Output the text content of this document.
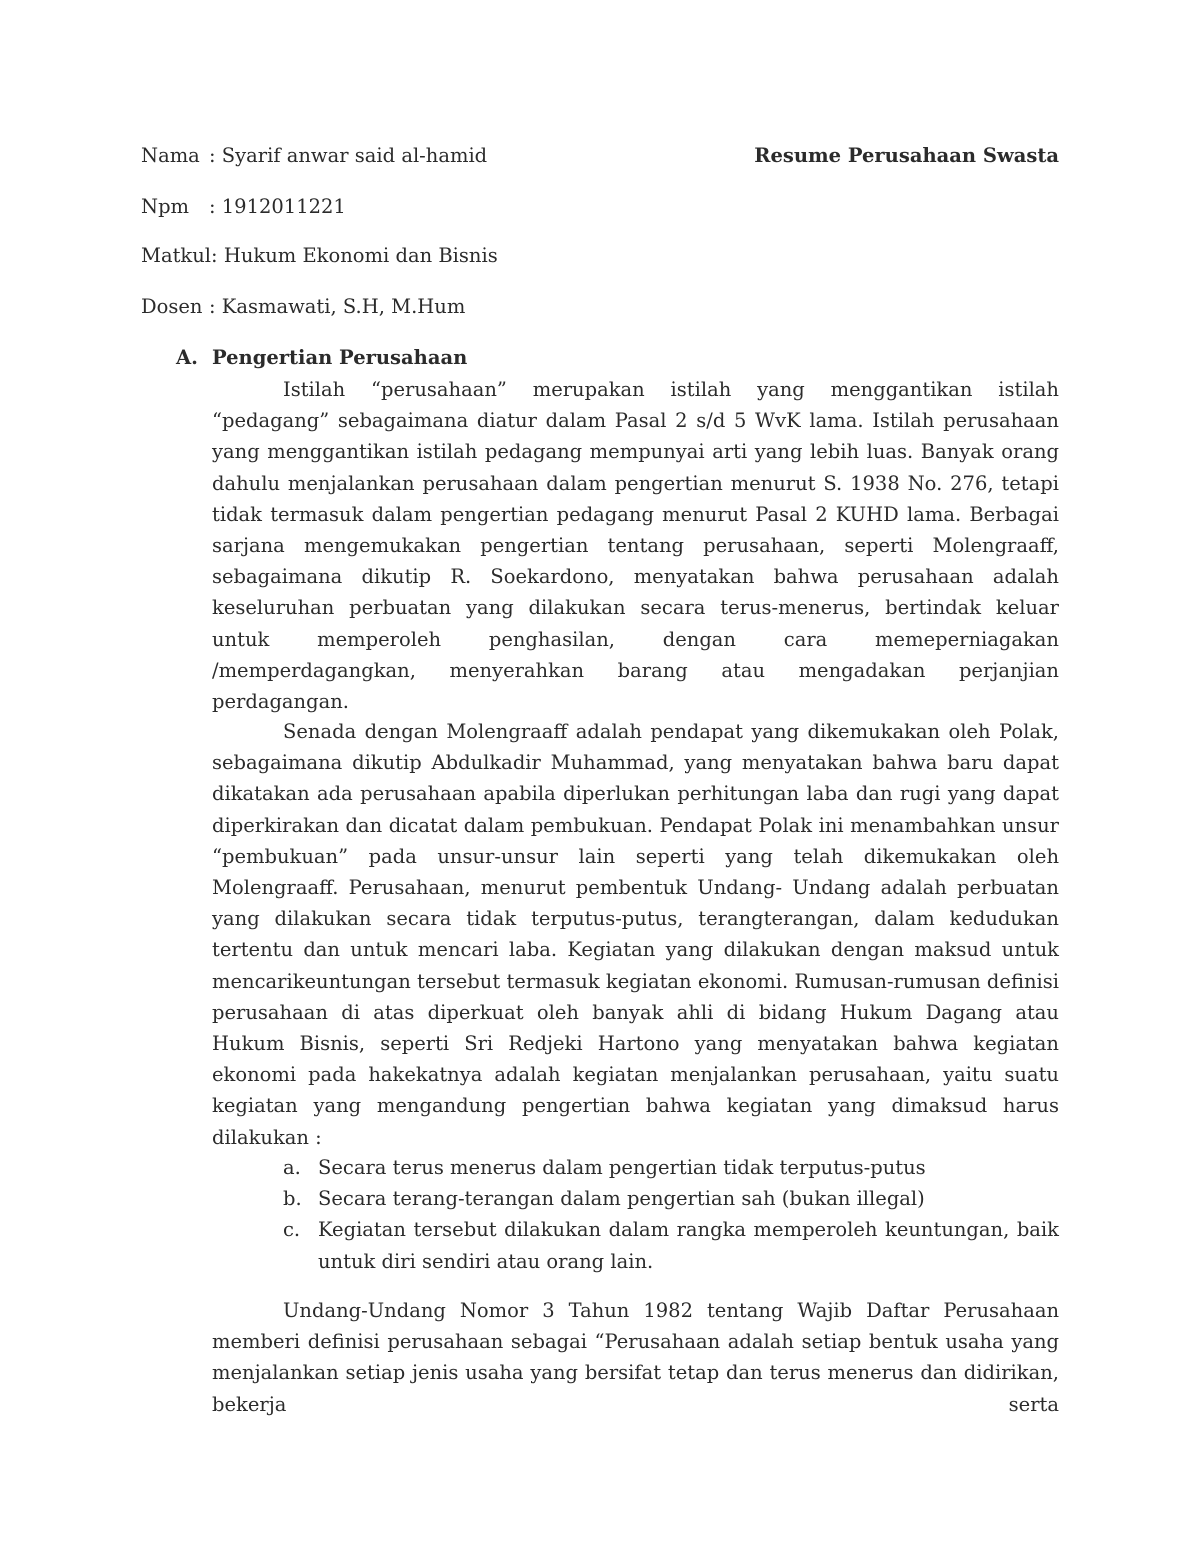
Nama : Syarif anwar said al-hamid	Resume Perusahaan Swasta
Npm : 1912011221
Matkul: Hukum Ekonomi dan Bisnis
Dosen : Kasmawati, S.H, M.Hum
A. Pengertian Perusahaan

Istilah “perusahaan” merupakan istilah yang menggantikan istilah “pedagang” sebagaimana diatur dalam Pasal 2 s/d 5 WvK lama. Istilah perusahaan yang menggantikan istilah pedagang mempunyai arti yang lebih luas. Banyak orang dahulu menjalankan perusahaan dalam pengertian menurut S. 1938 No. 276, tetapi tidak termasuk dalam pengertian pedagang menurut Pasal 2 KUHD lama. Berbagai sarjana mengemukakan pengertian tentang perusahaan, seperti Molengraaff, sebagaimana dikutip R. Soekardono, menyatakan bahwa perusahaan adalah keseluruhan perbuatan yang dilakukan secara terus-menerus, bertindak keluar untuk memperoleh penghasilan, dengan cara memeperniagakan /memperdagangkan, menyerahkan barang atau mengadakan perjanjian perdagangan.

Senada dengan Molengraaff adalah pendapat yang dikemukakan oleh Polak, sebagaimana dikutip Abdulkadir Muhammad, yang menyatakan bahwa baru dapat dikatakan ada perusahaan apabila diperlukan perhitungan laba dan rugi yang dapat diperkirakan dan dicatat dalam pembukuan. Pendapat Polak ini menambahkan unsur “pembukuan” pada unsur-unsur lain seperti yang telah dikemukakan oleh Molengraaff. Perusahaan, menurut pembentuk Undang- Undang adalah perbuatan yang dilakukan secara tidak terputus-putus, terangterangan, dalam kedudukan tertentu dan untuk mencari laba. Kegiatan yang dilakukan dengan maksud untuk mencarikeuntungan tersebut termasuk kegiatan ekonomi. Rumusan-rumusan definisi perusahaan di atas diperkuat oleh banyak ahli di bidang Hukum Dagang atau Hukum Bisnis, seperti Sri Redjeki Hartono yang menyatakan bahwa kegiatan ekonomi pada hakekatnya adalah kegiatan menjalankan perusahaan, yaitu suatu kegiatan yang mengandung pengertian bahwa kegiatan yang dimaksud harus dilakukan :

a. Secara terus menerus dalam pengertian tidak terputus-putus
b. Secara terang-terangan dalam pengertian sah (bukan illegal)
c. Kegiatan tersebut dilakukan dalam rangka memperoleh keuntungan, baik untuk diri sendiri atau orang lain.

Undang-Undang Nomor 3 Tahun 1982 tentang Wajib Daftar Perusahaan memberi definisi perusahaan sebagai “Perusahaan adalah setiap bentuk usaha yang menjalankan setiap jenis usaha yang bersifat tetap dan terus menerus dan didirikan, bekerja serta
